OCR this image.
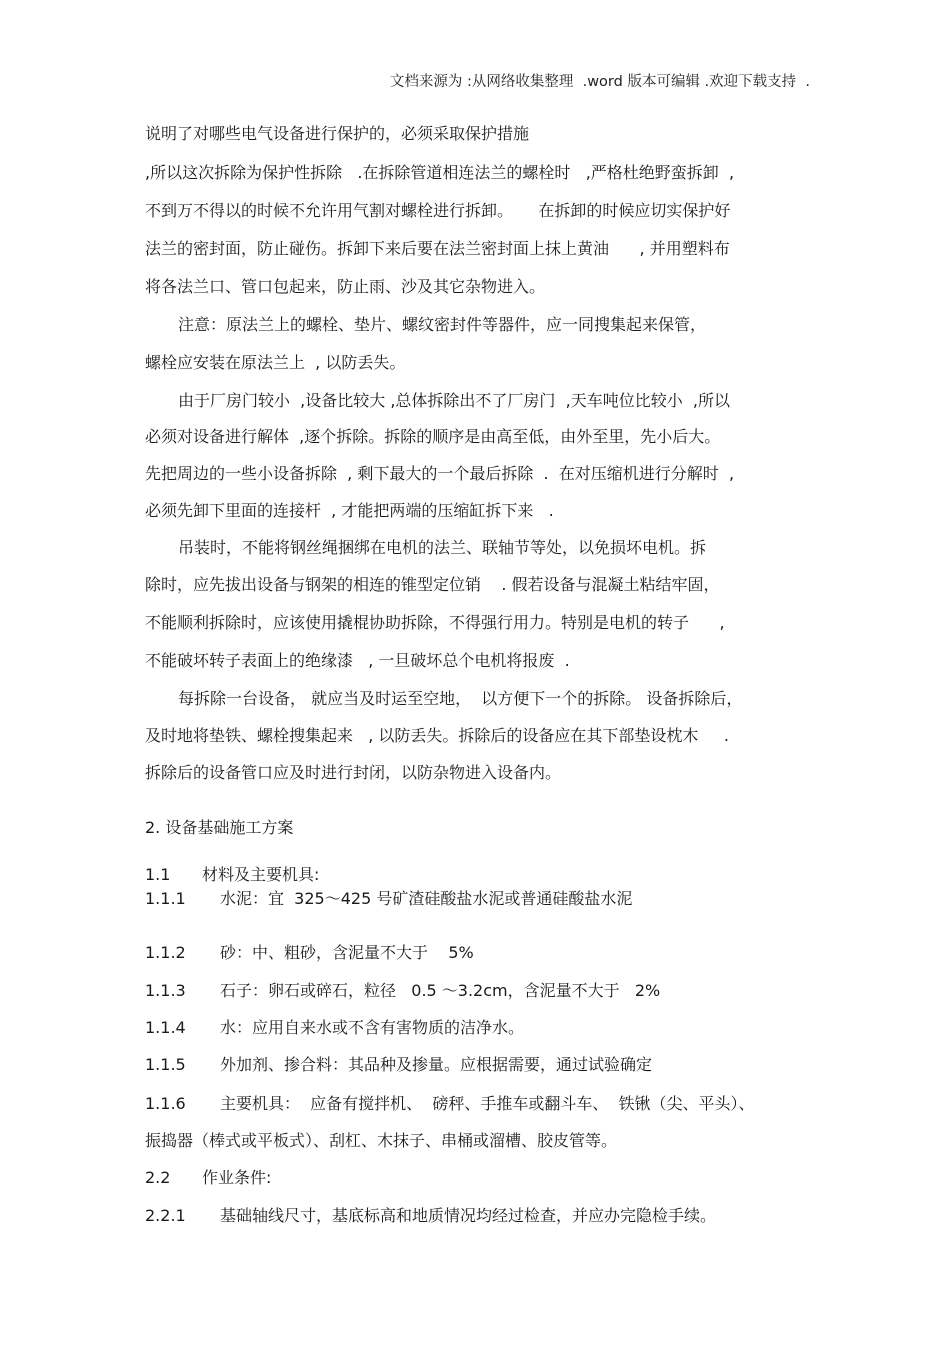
文档来源为 :从网络收集整理  .word 版本可编辑 .欢迎下载支持  .
说明了对哪些电气设备进行保护的，必须采取保护措施
,所以这次拆除为保护性拆除   .在拆除管道相连法兰的螺栓时   ,严格杜绝野蛮拆卸  ,
不到万不得以的时候不允许用气割对螺栓进行拆卸。     在拆卸的时候应切实保护好
法兰的密封面，防止碰伤。拆卸下来后要在法兰密封面上抹上黄油      , 并用塑料布
将各法兰口、管口包起来，防止雨、沙及其它杂物进入。
注意：原法兰上的螺栓、垫片、螺纹密封件等器件，应一同搜集起来保管，
螺栓应安装在原法兰上  , 以防丢失。
由于厂房门较小  ,设备比较大 ,总体拆除出不了厂房门  ,天车吨位比较小  ,所以
必须对设备进行解体  ,逐个拆除。拆除的顺序是由高至低，由外至里，先小后大。
先把周边的一些小设备拆除  , 剩下最大的一个最后拆除  .  在对压缩机进行分解时  ,
必须先卸下里面的连接杆  , 才能把两端的压缩缸拆下来   .
吊装时，不能将钢丝绳捆绑在电机的法兰、联轴节等处，以免损坏电机。拆
除时，应先拔出设备与钢架的相连的锥型定位销    . 假若设备与混凝土粘结牢固，
不能顺利拆除时，应该使用撬棍协助拆除，不得强行用力。特别是电机的转子      ,
不能破坏转子表面上的绝缘漆   , 一旦破坏总个电机将报废  .
每拆除一台设备， 就应当及时运至空地，  以方便下一个的拆除。 设备拆除后，
及时地将垫铁、螺栓搜集起来   , 以防丢失。拆除后的设备应在其下部垫设枕木     .
拆除后的设备管口应及时进行封闭，以防杂物进入设备内。
2. 设备基础施工方案
1.1 材料及主要机具:
1.1.1 水泥：宜  325～425 号矿渣硅酸盐水泥或普通硅酸盐水泥
1.1.2 砂：中、粗砂，含泥量不大于    5%
1.1.3 石子：卵石或碎石，粒径   0.5 ～3.2cm，含泥量不大于   2%
1.1.4 水：应用自来水或不含有害物质的洁净水。
1.1.5 外加剂、掺合料：其品种及掺量。应根据需要，通过试验确定
1.1.6 主要机具：  应备有搅拌机、  磅秤、手推车或翻斗车、  铁锹（尖、平头）、
振捣器（棒式或平板式）、刮杠、木抹子、串桶或溜槽、胶皮管等。
2.2 作业条件:
2.2.1 基础轴线尺寸，基底标高和地质情况均经过检查，并应办完隐检手续。
